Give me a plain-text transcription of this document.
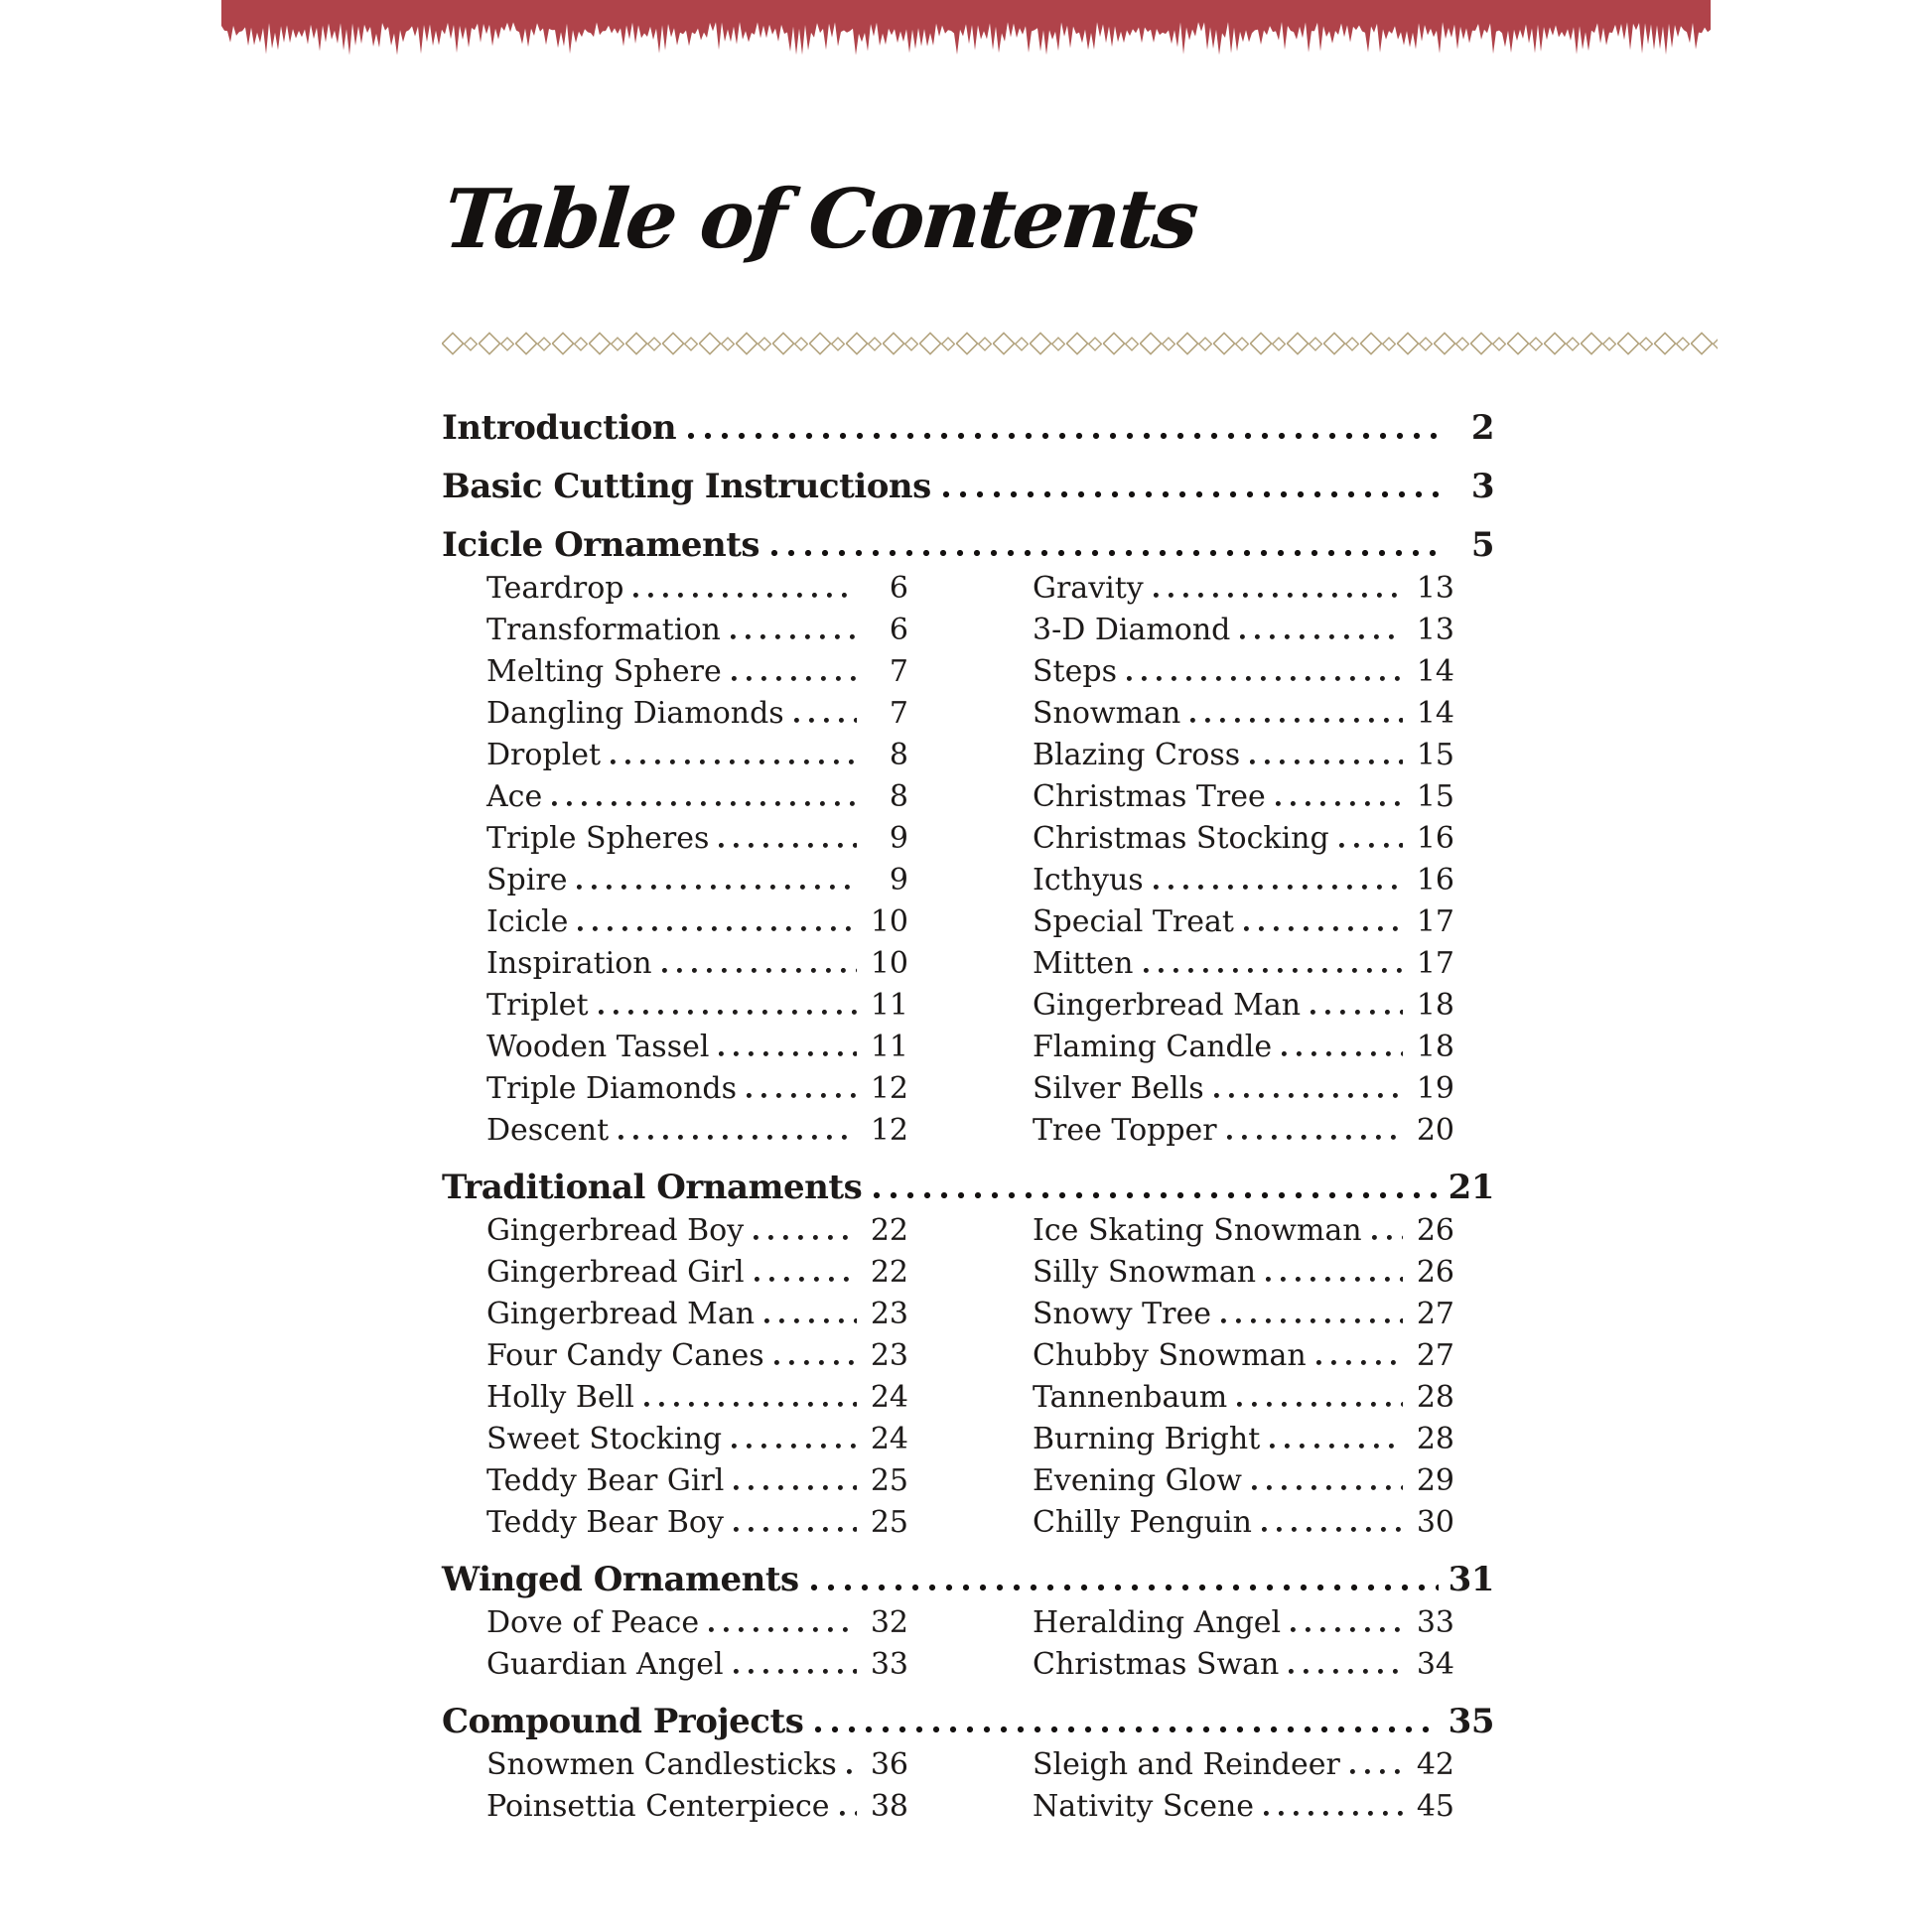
Table of Contents
Introduction	2
Basic Cutting Instructions	3
Icicle Ornaments	5
Teardrop	6
Transformation	6
Melting Sphere	7
Dangling Diamonds	7
Droplet	8
Ace	8
Triple Spheres	9
Spire	9
Icicle	10
Inspiration	10
Triplet	11
Wooden Tassel	11
Triple Diamonds	12
Descent	12
Gravity	13
3-D Diamond	13
Steps	14
Snowman	14
Blazing Cross	15
Christmas Tree	15
Christmas Stocking	16
Icthyus	16
Special Treat	17
Mitten	17
Gingerbread Man	18
Flaming Candle	18
Silver Bells	19
Tree Topper	20
Traditional Ornaments	21
Gingerbread Boy	22
Gingerbread Girl	22
Gingerbread Man	23
Four Candy Canes	23
Holly Bell	24
Sweet Stocking	24
Teddy Bear Girl	25
Teddy Bear Boy	25
Ice Skating Snowman 26
Silly Snowman	26
Snowy Tree	27
Chubby Snowman	27
Tannenbaum	28
Burning Bright	28
Evening Glow	29
Chilly Penguin	30
Winged Ornaments	31
Dove of Peace	32
Guardian Angel	33
Heralding Angel	33
Christmas Swan	34
Compound Projects	35
Snowmen Candlesticks 36
Poinsettia Centerpiece 38
Sleigh and Reindeer	42
Nativity Scene	45
